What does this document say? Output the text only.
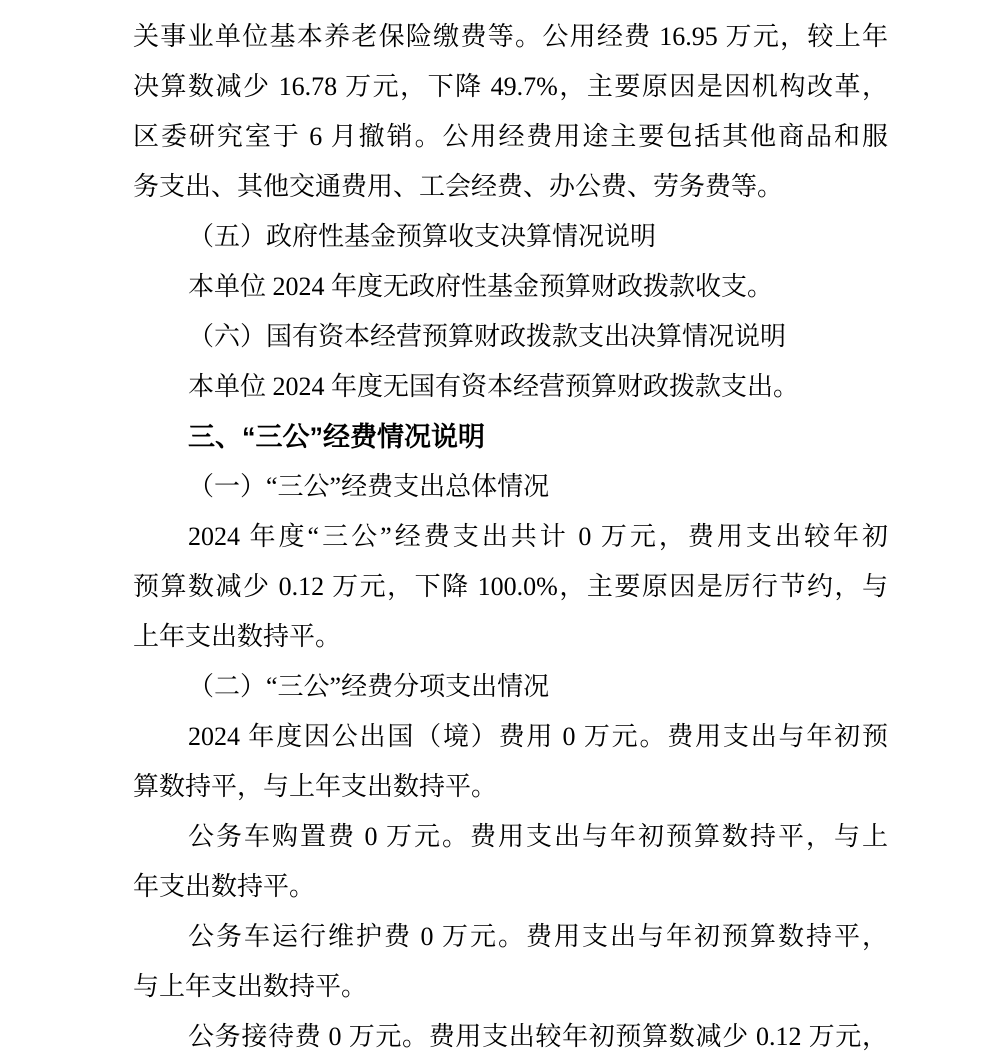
关事业单位基本养老保险缴费等。公用经费 16.95 万元，较上年
决算数减少 16.78 万元，下降 49.7%，主要原因是因机构改革，
区委研究室于 6 月撤销。公用经费用途主要包括其他商品和服
务支出、其他交通费用、工会经费、办公费、劳务费等。
（五）政府性基金预算收支决算情况说明
本单位 2024 年度无政府性基金预算财政拨款收支。
（六）国有资本经营预算财政拨款支出决算情况说明
本单位 2024 年度无国有资本经营预算财政拨款支出。
三、“三公”经费情况说明
（一）“三公”经费支出总体情况
2024 年度“三公”经费支出共计 0 万元，费用支出较年初
预算数减少 0.12 万元，下降 100.0%，主要原因是厉行节约，与
上年支出数持平。
（二）“三公”经费分项支出情况
2024 年度因公出国（境）费用 0 万元。费用支出与年初预
算数持平，与上年支出数持平。
公务车购置费 0 万元。费用支出与年初预算数持平，与上
年支出数持平。
公务车运行维护费 0 万元。费用支出与年初预算数持平，
与上年支出数持平。
公务接待费 0 万元。费用支出较年初预算数减少 0.12 万元，
